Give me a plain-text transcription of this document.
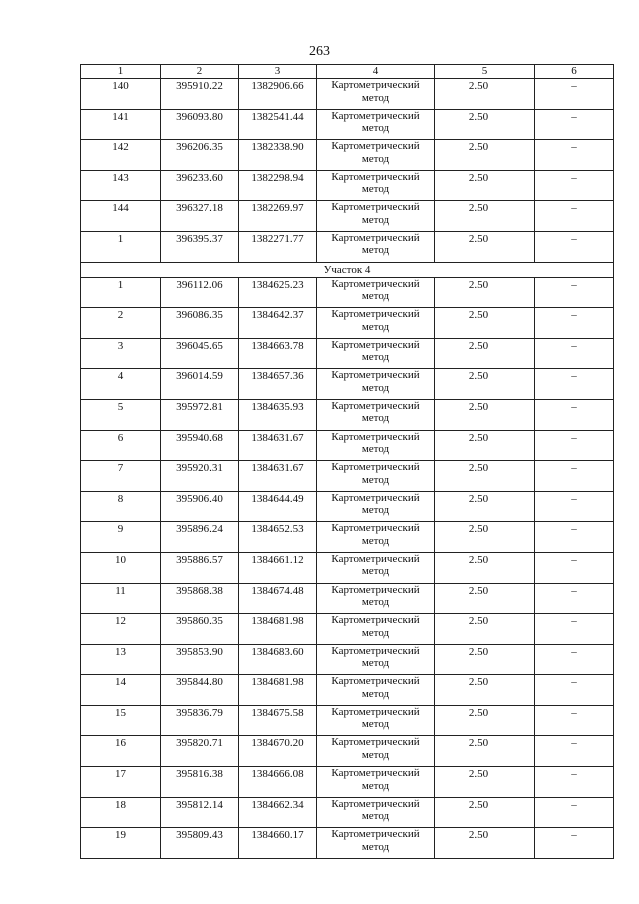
263
1	2	3	4	5	6
140	395910.22	1382906.66	Картометрический метод	2.50	–
141	396093.80	1382541.44	Картометрический метод	2.50	–
142	396206.35	1382338.90	Картометрический метод	2.50	–
143	396233.60	1382298.94	Картометрический метод	2.50	–
144	396327.18	1382269.97	Картометрический метод	2.50	–
1	396395.37	1382271.77	Картометрический метод	2.50	–
Участок 4					
1	396112.06	1384625.23	Картометрический метод	2.50	–
2	396086.35	1384642.37	Картометрический метод	2.50	–
3	396045.65	1384663.78	Картометрический метод	2.50	–
4	396014.59	1384657.36	Картометрический метод	2.50	–
5	395972.81	1384635.93	Картометрический метод	2.50	–
6	395940.68	1384631.67	Картометрический метод	2.50	–
7	395920.31	1384631.67	Картометрический метод	2.50	–
8	395906.40	1384644.49	Картометрический метод	2.50	–
9	395896.24	1384652.53	Картометрический метод	2.50	–
10	395886.57	1384661.12	Картометрический метод	2.50	–
11	395868.38	1384674.48	Картометрический метод	2.50	–
12	395860.35	1384681.98	Картометрический метод	2.50	–
13	395853.90	1384683.60	Картометрический метод	2.50	–
14	395844.80	1384681.98	Картометрический метод	2.50	–
15	395836.79	1384675.58	Картометрический метод	2.50	–
16	395820.71	1384670.20	Картометрический метод	2.50	–
17	395816.38	1384666.08	Картометрический метод	2.50	–
18	395812.14	1384662.34	Картометрический метод	2.50	–
19	395809.43	1384660.17	Картометрический метод	2.50	–
